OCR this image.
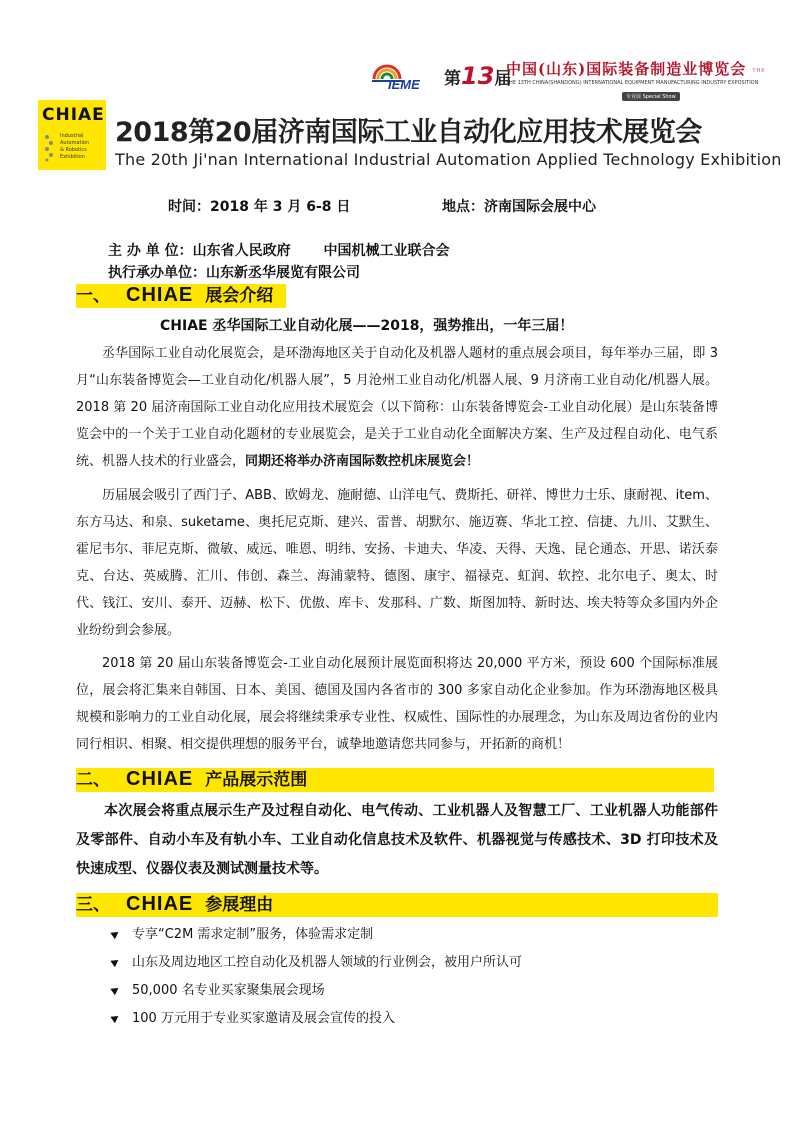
IEME 第13届
中国(山东)国际装备制造业博览会 ᵀᴴᴱ
THE 13TH CHINA(SHANDONG) INTERNATIONAL EQUIPMENT MANUFACTURING INDUSTRY EXPOSITION
专业展 Special Show
CHIAE
Industrial
Automation
& Robotics
Exhibition
2018第20届济南国际工业自动化应用技术展览会
The 20th Ji'nan International Industrial Automation Applied Technology Exhibition
时间：2018 年 3 月 6-8 日	地点：济南国际会展中心
主 办 单 位：山东省人民政府 中国机械工业联合会
执行承办单位：山东新丞华展览有限公司
一、 CHIAE 展会介绍
CHIAE 丞华国际工业自动化展——2018，强势推出，一年三届！
丞华国际工业自动化展览会，是环渤海地区关于自动化及机器人题材的重点展会项目，每年举办三届，即 3 月“山东装备博览会—工业自动化/机器人展”，5 月沧州工业自动化/机器人展、9 月济南工业自动化/机器人展。2018 第 20 届济南国际工业自动化应用技术展览会（以下简称：山东装备博览会-工业自动化展）是山东装备博览会中的一个关于工业自动化题材的专业展览会，是关于工业自动化全面解决方案、生产及过程自动化、电气系统、机器人技术的行业盛会，同期还将举办济南国际数控机床展览会！
历届展会吸引了西门子、ABB、欧姆龙、施耐德、山洋电气、费斯托、研祥、博世力士乐、康耐视、item、东方马达、和泉、suketame、奥托尼克斯、建兴、雷普、胡默尔、施迈赛、华北工控、信捷、九川、艾默生、霍尼韦尔、菲尼克斯、微敏、威远、唯恩、明纬、安扬、卡迪夫、华凌、天得、天逸、昆仑通态、开思、诺沃泰克、台达、英威腾、汇川、伟创、森兰、海浦蒙特、德图、康宇、福禄克、虹润、软控、北尔电子、奥太、时代、钱江、安川、泰开、迈赫、松下、优傲、库卡、发那科、广数、斯图加特、新时达、埃夫特等众多国内外企业纷纷到会参展。
2018 第 20 届山东装备博览会-工业自动化展预计展览面积将达 20,000 平方米，预设 600 个国际标准展位，展会将汇集来自韩国、日本、美国、德国及国内各省市的 300 多家自动化企业参加。作为环渤海地区极具规模和影响力的工业自动化展，展会将继续秉承专业性、权威性、国际性的办展理念，为山东及周边省份的业内同行相识、相聚、相交提供理想的服务平台，诚挚地邀请您共同参与，开拓新的商机！
二、 CHIAE 产品展示范围
本次展会将重点展示生产及过程自动化、电气传动、工业机器人及智慧工厂、工业机器人功能部件及零部件、自动小车及有轨小车、工业自动化信息技术及软件、机器视觉与传感技术、3D 打印技术及快速成型、仪器仪表及测试测量技术等。
三、 CHIAE 参展理由
专享“C2M 需求定制”服务，体验需求定制
山东及周边地区工控自动化及机器人领域的行业例会，被用户所认可
50,000 名专业买家聚集展会现场
100 万元用于专业买家邀请及展会宣传的投入
